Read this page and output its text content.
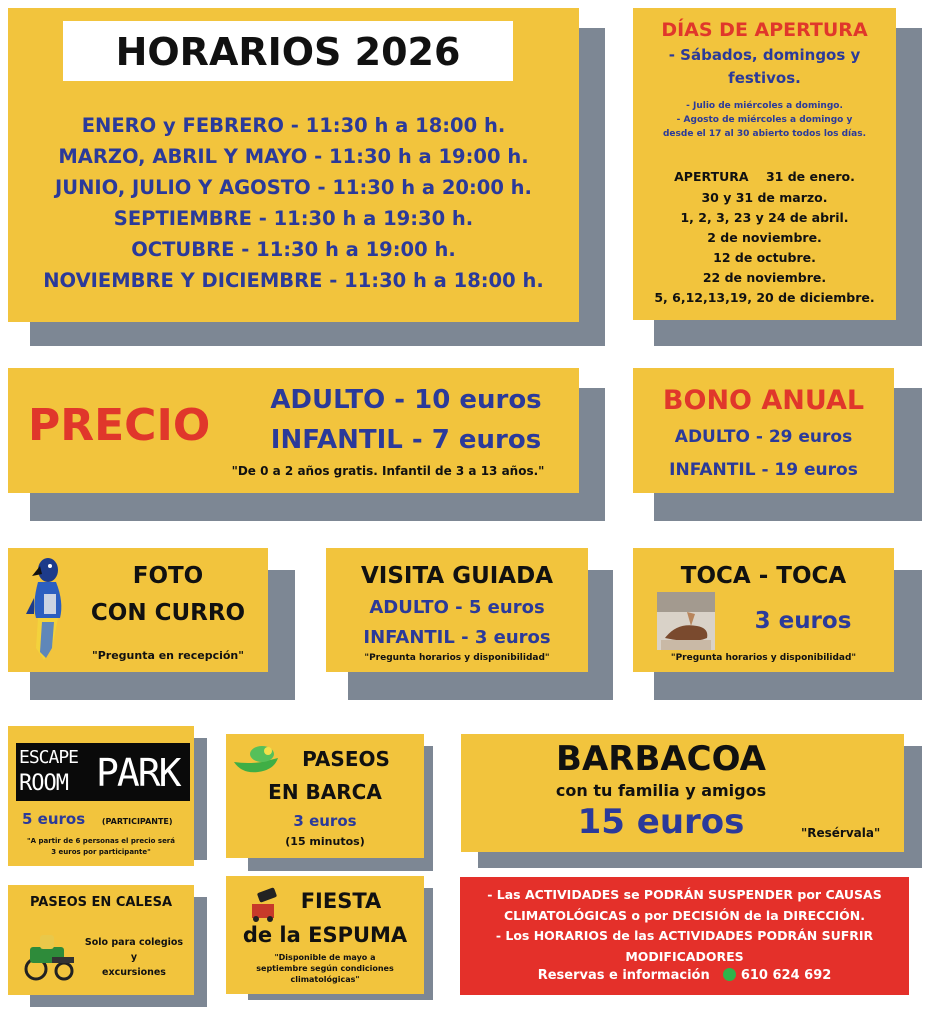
HORARIOS 2026
ENERO y FEBRERO - 11:30 h a 18:00 h.
MARZO, ABRIL Y MAYO - 11:30 h a 19:00 h.
JUNIO, JULIO Y AGOSTO - 11:30 h a 20:00 h.
SEPTIEMBRE - 11:30 h a 19:30 h.
OCTUBRE - 11:30 h a 19:00 h.
NOVIEMBRE Y DICIEMBRE - 11:30 h a 18:00 h.
DÍAS DE APERTURA
- Sábados, domingos y
festivos.
- Julio de miércoles a domingo.
- Agosto de miércoles a domingo y
desde el 17 al 30 abierto todos los días.
APERTURA 31 de enero.
30 y 31 de marzo.
1, 2, 3, 23 y 24 de abril.
2 de noviembre.
12 de octubre.
22 de noviembre.
5, 6,12,13,19, 20 de diciembre.
PRECIO	ADULTO - 10 euros
INFANTIL - 7 euros
"De 0 a 2 años gratis. Infantil de 3 a 13 años."
BONO ANUAL
ADULTO - 29 euros
INFANTIL - 19 euros
FOTO
CON CURRO
"Pregunta en recepción"
VISITA GUIADA
ADULTO - 5 euros
INFANTIL - 3 euros
"Pregunta horarios y disponibilidad"
TOCA - TOCA
3 euros
"Pregunta horarios y disponibilidad"
ESCAPE
ROOM PARK
5 euros (PARTICIPANTE)
"A partir de 6 personas el precio será
3 euros por participante"
PASEOS
EN BARCA
3 euros
(15 minutos)
BARBACOA
con tu familia y amigos
15 euros	"Resérvala"
PASEOS EN CALESA
Solo para colegios
y
excursiones
FIESTA
de la ESPUMA
"Disponible de mayo a
septiembre según condiciones
climatológicas"
- Las ACTIVIDADES se PODRÁN SUSPENDER por CAUSAS
CLIMATOLÓGICAS o por DECISIÓN de la DIRECCIÓN.
- Los HORARIOS de las ACTIVIDADES PODRÁN SUFRIR
MODIFICADORES
Reservas e información 610 624 692
